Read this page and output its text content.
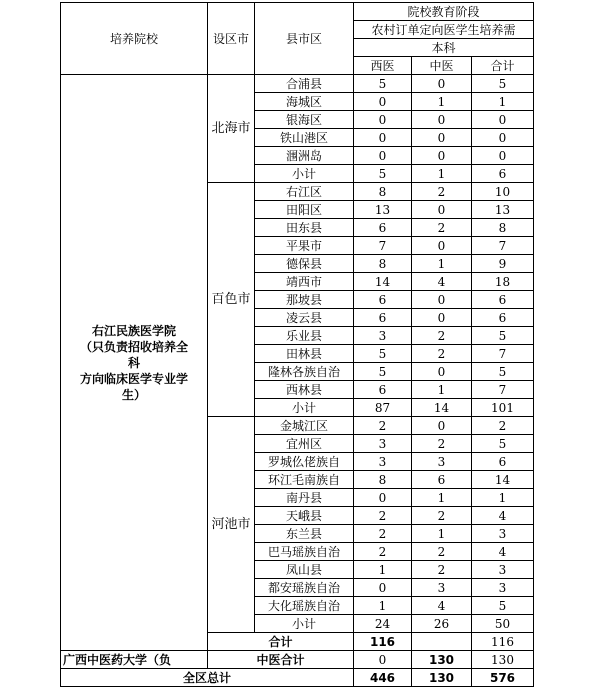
培养院校	设区市	县市区	院校教育阶段		
			农村订单定向医学生培养需		
			本科		
			西医	中医	合计

右江民族医学院
（只负责招收培养全
科
方向临床医学专业学
生）	北海市	合浦县	5	0	5
		海城区	0	1	1
		银海区	0	0	0
		铁山港区	0	0	0
		涠洲岛	0	0	0
		小计	5	1	6
	百色市	右江区	8	2	10
		田阳区	13	0	13
		田东县	6	2	8
		平果市	7	0	7
		德保县	8	1	9
		靖西市	14	4	18
		那坡县	6	0	6
		凌云县	6	0	6
		乐业县	3	2	5
		田林县	5	2	7
		隆林各族自治	5	0	5
		西林县	6	1	7
		小计	87	14	101
	河池市	金城江区	2	0	2
		宜州区	3	2	5
		罗城仫佬族自	3	3	6
		环江毛南族自	8	6	14
		南丹县	0	1	1
		天峨县	2	2	4
		东兰县	2	1	3
		巴马瑶族自治	2	2	4
		凤山县	1	2	3
		都安瑶族自治	0	3	3
		大化瑶族自治	1	4	5
		小计	24	26	50
	合计		116		116
广西中医药大学（负	中医合计		0	130	130
全区总计			446	130	576
